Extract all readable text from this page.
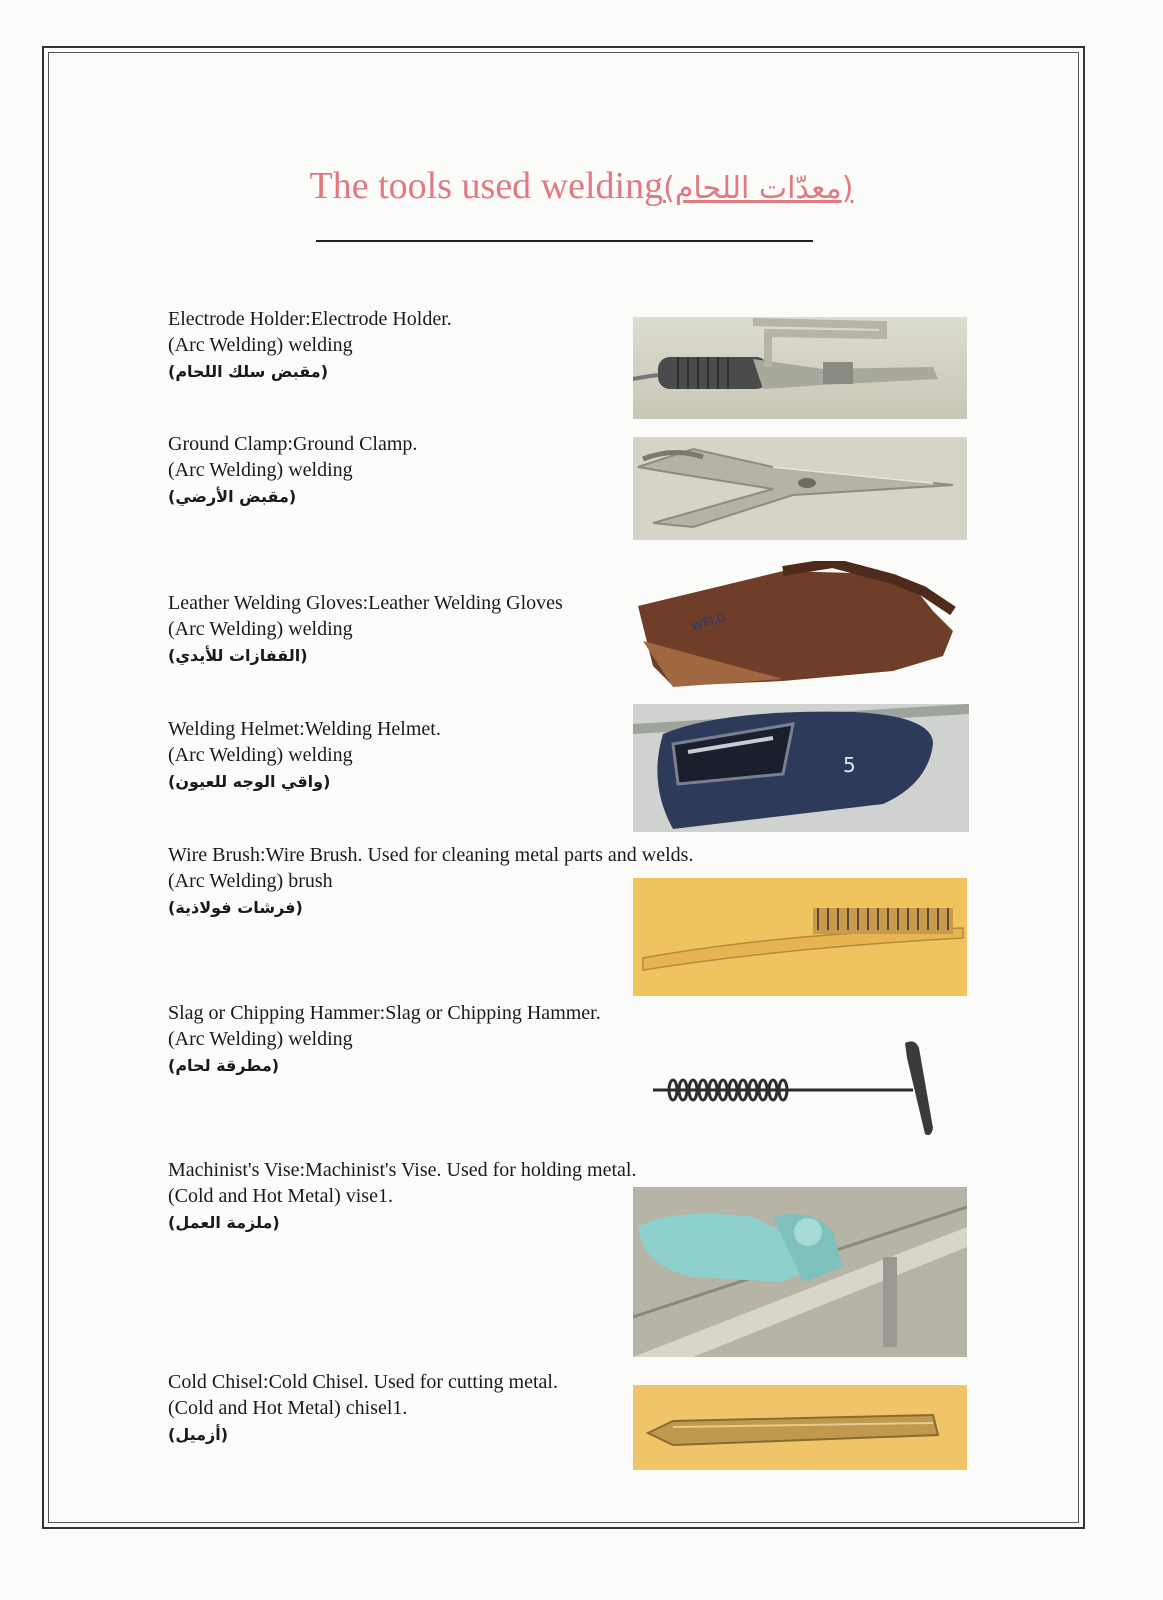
The tools used welding(معدّات اللحام)
Electrode Holder:Electrode Holder.
(Arc Welding) welding
(مقبض سلك اللحام)
Ground Clamp:Ground Clamp.
(Arc Welding) welding
(مقبض الأرضي)
Leather Welding Gloves:Leather Welding Gloves
(Arc Welding) welding
(القفازات للأيدي)
WELD
Welding Helmet:Welding Helmet.
(Arc Welding) welding
(واقي الوجه للعيون)
5
Wire Brush:Wire Brush. Used for cleaning metal parts and welds.
(Arc Welding) brush
(فرشات فولاذية)
Slag or Chipping Hammer:Slag or Chipping Hammer.
(Arc Welding) welding
(مطرقة لحام)
Machinist's Vise:Machinist's Vise. Used for holding metal.
(Cold and Hot Metal) vise1.
(ملزمة العمل)
Cold Chisel:Cold Chisel. Used for cutting metal.
(Cold and Hot Metal) chisel1.
(أزميل)
